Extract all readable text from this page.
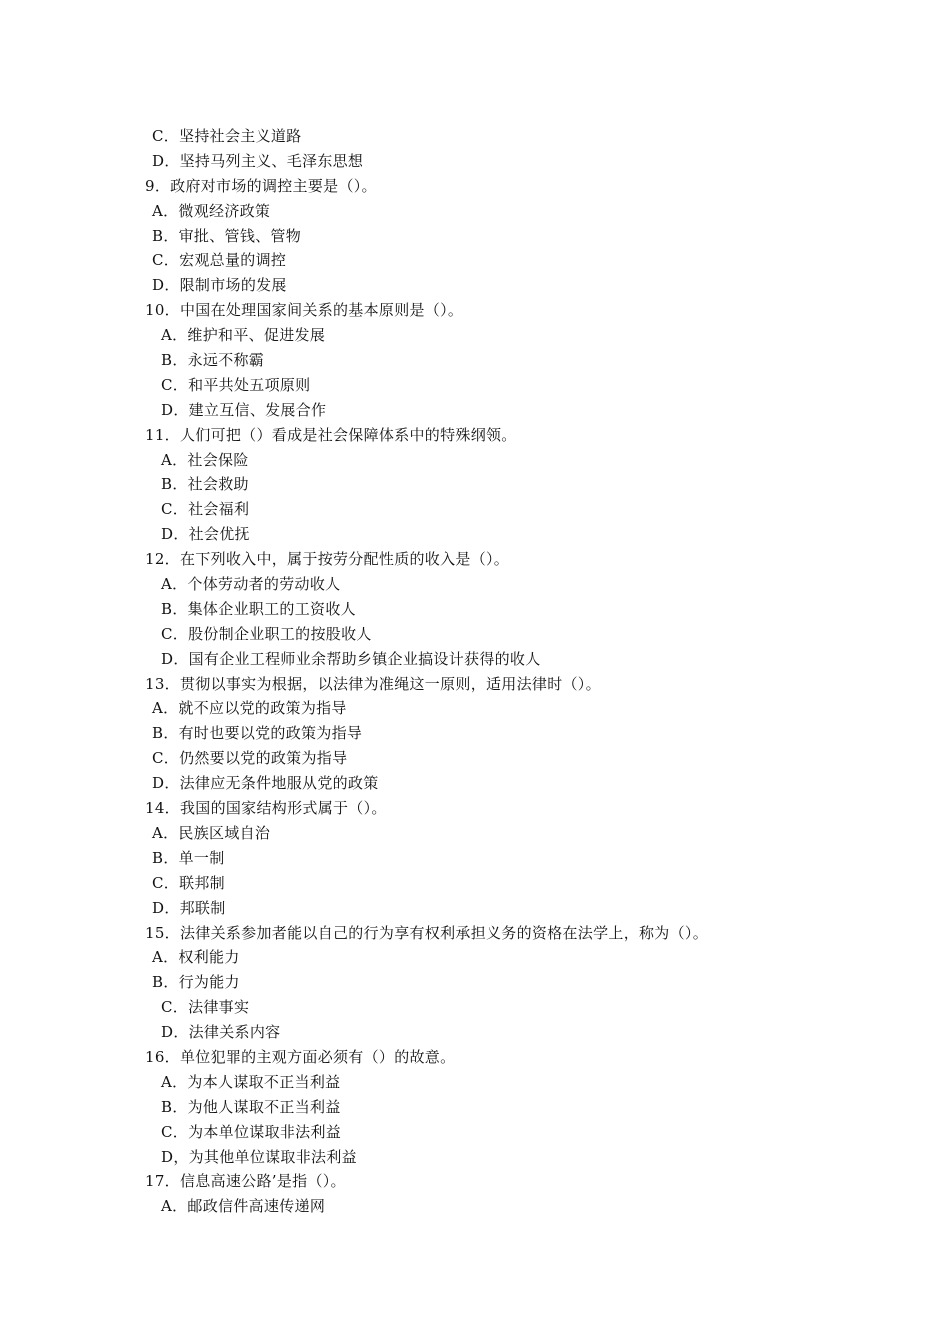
C．坚持社会主义道路
D．坚持马列主义、毛泽东思想
9．政府对市场的调控主要是（）。
A．微观经济政策
B．审批、管钱、管物
C．宏观总量的调控
D．限制市场的发展
10．中国在处理国家间关系的基本原则是（）。
A．维护和平、促进发展
B．永远不称霸
C．和平共处五项原则
D．建立互信、发展合作
11．人们可把（）看成是社会保障体系中的特殊纲领。
A．社会保险
B．社会救助
C．社会福利
D．社会优抚
12．在下列收入中，属于按劳分配性质的收入是（）。
A．个体劳动者的劳动收人
B．集体企业职工的工资收人
C．股份制企业职工的按股收人
D．国有企业工程师业余帮助乡镇企业搞设计获得的收人
13．贯彻以事实为根据，以法律为准绳这一原则，适用法律时（）。
A．就不应以党的政策为指导
B．有时也要以党的政策为指导
C．仍然要以党的政策为指导
D．法律应无条件地服从党的政策
14．我国的国家结构形式属于（）。
A．民族区域自治
B．单一制
C．联邦制
D．邦联制
15．法律关系参加者能以自己的行为享有权利承担义务的资格在法学上，称为（）。
A．权利能力
B．行为能力
C．法律事实
D．法律关系内容
16．单位犯罪的主观方面必须有（）的故意。
A．为本人谋取不正当利益
B．为他人谋取不正当利益
C．为本单位谋取非法利益
D，为其他单位谋取非法利益
17．信息高速公路’是指（）。
A．邮政信件高速传递网
